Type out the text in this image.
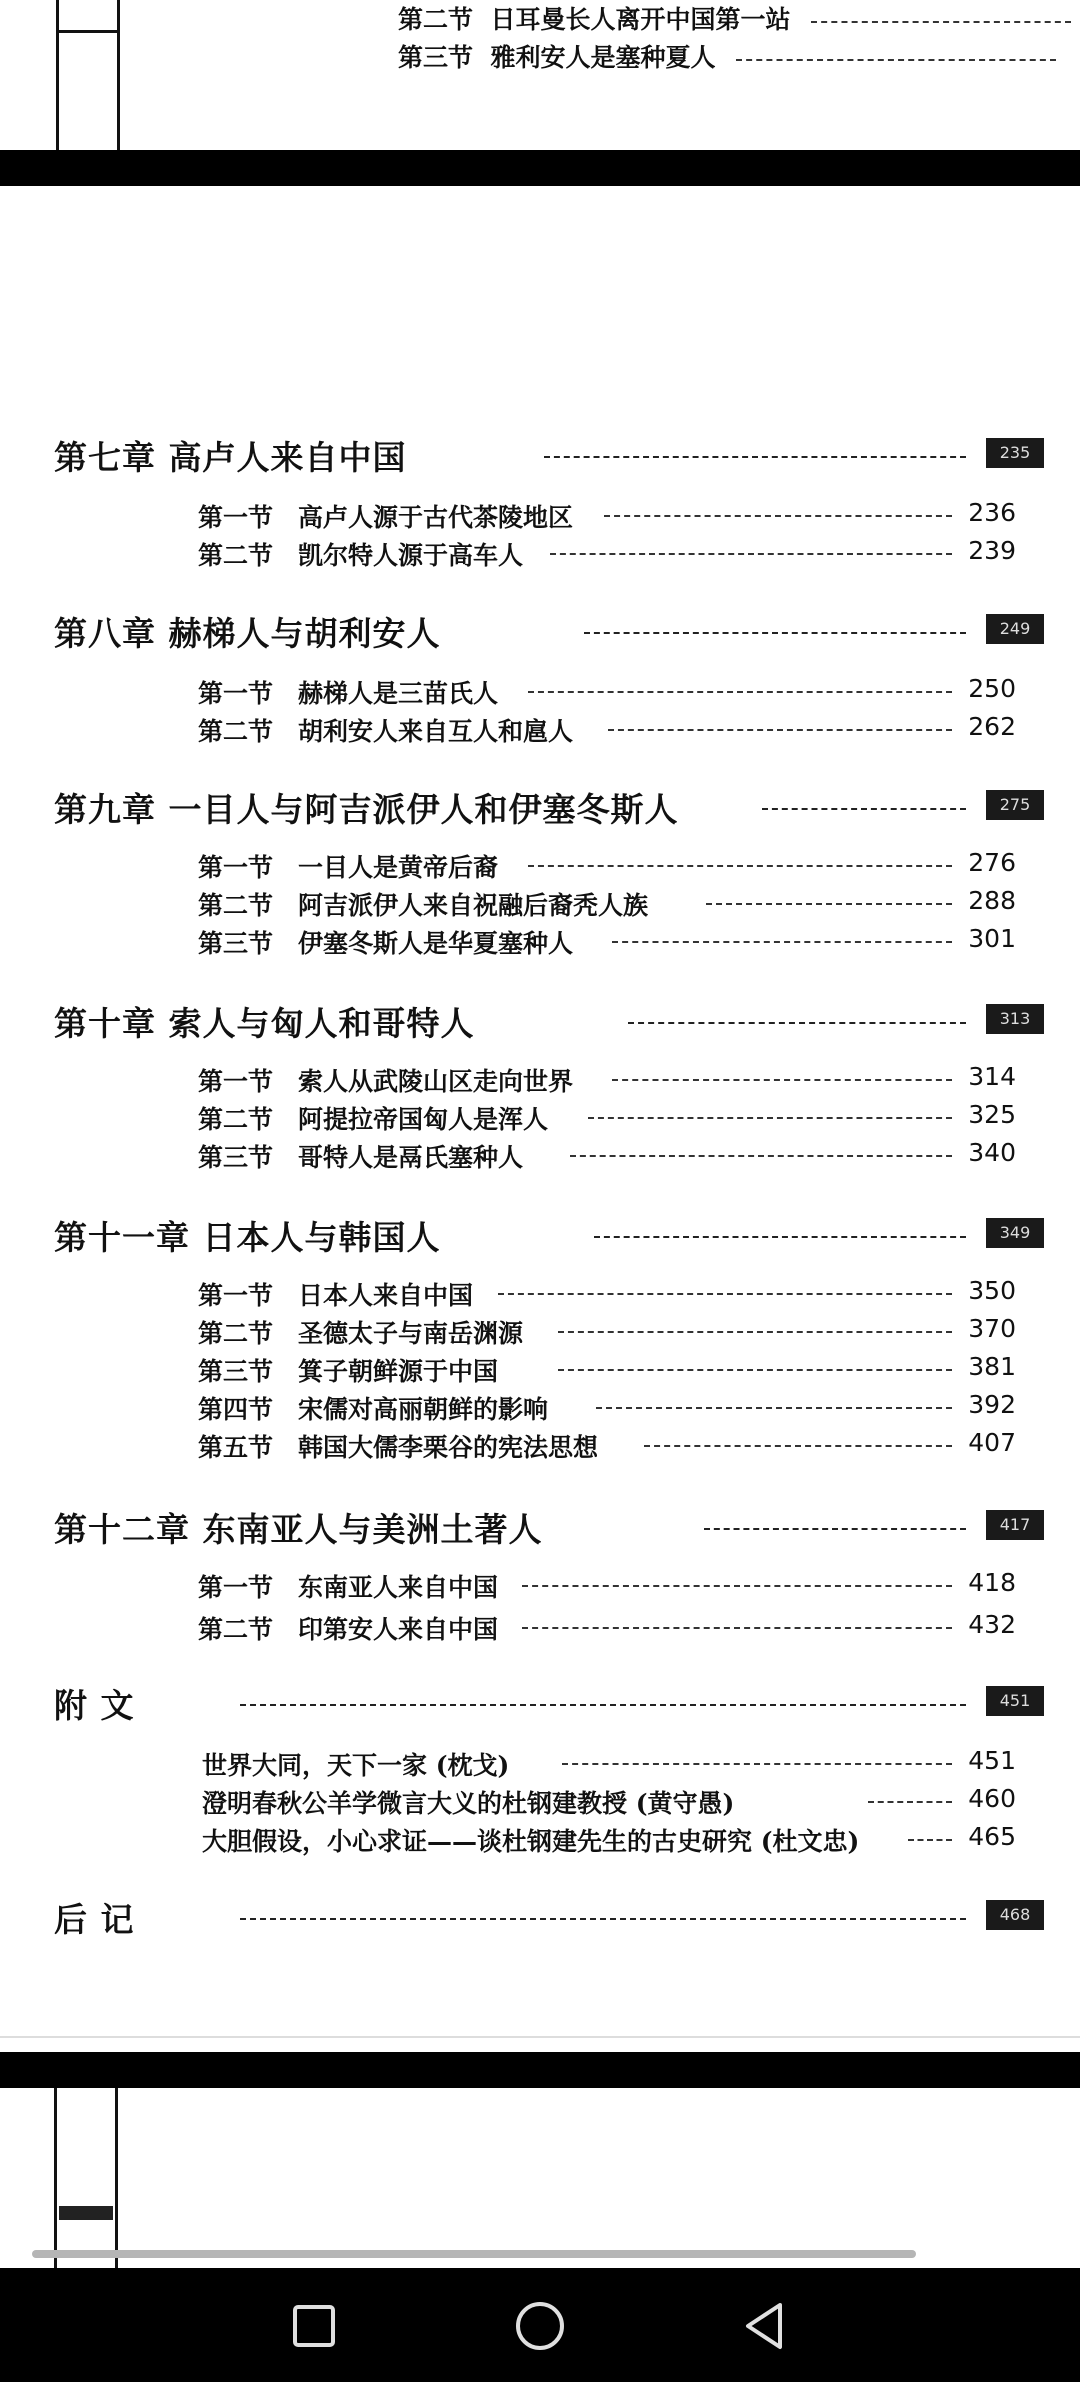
第二节 日耳曼长人离开中国第一站
第三节 雅利安人是塞种夏人
第七章 高卢人来自中国	235
第一节 高卢人源于古代茶陵地区	236
第二节 凯尔特人源于高车人	239
第八章 赫梯人与胡利安人	249
第一节 赫梯人是三苗氏人	250
第二节 胡利安人来自互人和扈人	262
第九章 一目人与阿吉派伊人和伊塞冬斯人	275
第一节 一目人是黄帝后裔	276
第二节 阿吉派伊人来自祝融后裔秃人族	288
第三节 伊塞冬斯人是华夏塞种人	301
第十章 索人与匈人和哥特人	313
第一节 索人从武陵山区走向世界	314
第二节 阿提拉帝国匈人是浑人	325
第三节 哥特人是鬲氏塞种人	340
第十一章 日本人与韩国人	349
第一节 日本人来自中国	350
第二节 圣德太子与南岳渊源	370
第三节 箕子朝鲜源于中国	381
第四节 宋儒对高丽朝鲜的影响	392
第五节 韩国大儒李栗谷的宪法思想	407
第十二章 东南亚人与美洲土著人	417
第一节 东南亚人来自中国	418
第二节 印第安人来自中国	432
附 文	451
世界大同，天下一家 (枕戈)	451
澄明春秋公羊学微言大义的杜钢建教授 (黄守愚)	460
大胆假设，小心求证——谈杜钢建先生的古史研究 (杜文忠)	465
后 记	468
